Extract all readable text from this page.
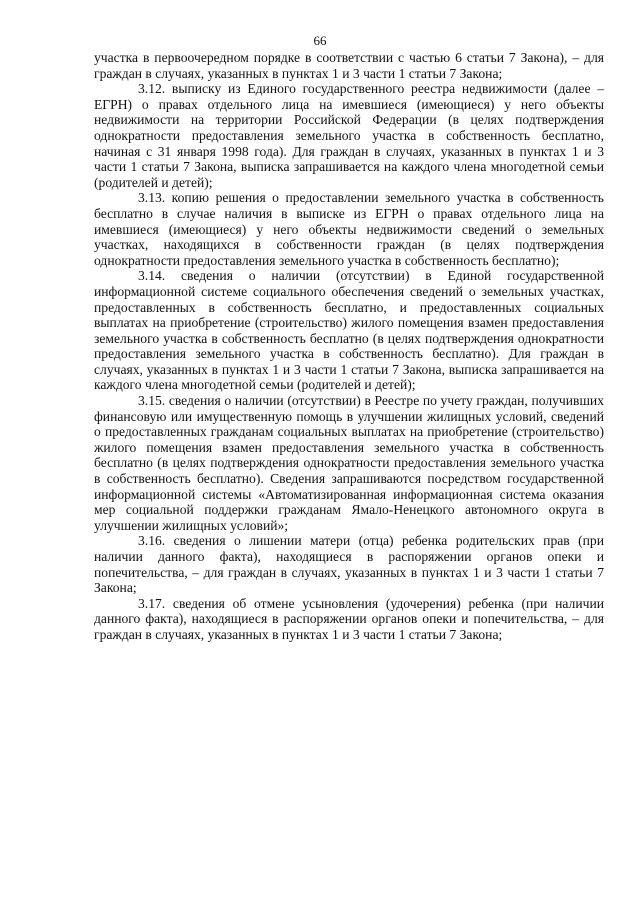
66

участка в первоочередном порядке в соответствии с частью 6 статьи 7 Закона), – для граждан в случаях, указанных в пунктах 1 и 3 части 1 статьи 7 Закона;

3.12. выписку из Единого государственного реестра недвижимости (далее – ЕГРН) о правах отдельного лица на имевшиеся (имеющиеся) у него объекты недвижимости на территории Российской Федерации (в целях подтверждения однократности предоставления земельного участка в собственность бесплатно, начиная с 31 января 1998 года). Для граждан в случаях, указанных в пунктах 1 и 3 части 1 статьи 7 Закона, выписка запрашивается на каждого члена многодетной семьи (родителей и детей);

3.13. копию решения о предоставлении земельного участка в собственность бесплатно в случае наличия в выписке из ЕГРН о правах отдельного лица на имевшиеся (имеющиеся) у него объекты недвижимости сведений о земельных участках, находящихся в собственности граждан (в целях подтверждения однократности предоставления земельного участка в собственность бесплатно);

3.14. сведения о наличии (отсутствии) в Единой государственной информационной системе социального обеспечения сведений о земельных участках, предоставленных в собственность бесплатно, и предоставленных социальных выплатах на приобретение (строительство) жилого помещения взамен предоставления земельного участка в собственность бесплатно (в целях подтверждения однократности предоставления земельного участка в собственность бесплатно). Для граждан в случаях, указанных в пунктах 1 и 3 части 1 статьи 7 Закона, выписка запрашивается на каждого члена многодетной семьи (родителей и детей);

3.15. сведения о наличии (отсутствии) в Реестре по учету граждан, получивших финансовую или имущественную помощь в улучшении жилищных условий, сведений о предоставленных гражданам социальных выплатах на приобретение (строительство) жилого помещения взамен предоставления земельного участка в собственность бесплатно (в целях подтверждения однократности предоставления земельного участка в собственность бесплатно). Сведения запрашиваются посредством государственной информационной системы «Автоматизированная информационная система оказания мер социальной поддержки гражданам Ямало-Ненецкого автономного округа в улучшении жилищных условий»;

3.16. сведения о лишении матери (отца) ребенка родительских прав (при наличии данного факта), находящиеся в распоряжении органов опеки и попечительства, – для граждан в случаях, указанных в пунктах 1 и 3 части 1 статьи 7 Закона;

3.17. сведения об отмене усыновления (удочерения) ребенка (при наличии данного факта), находящиеся в распоряжении органов опеки и попечительства, – для граждан в случаях, указанных в пунктах 1 и 3 части 1 статьи 7 Закона;
